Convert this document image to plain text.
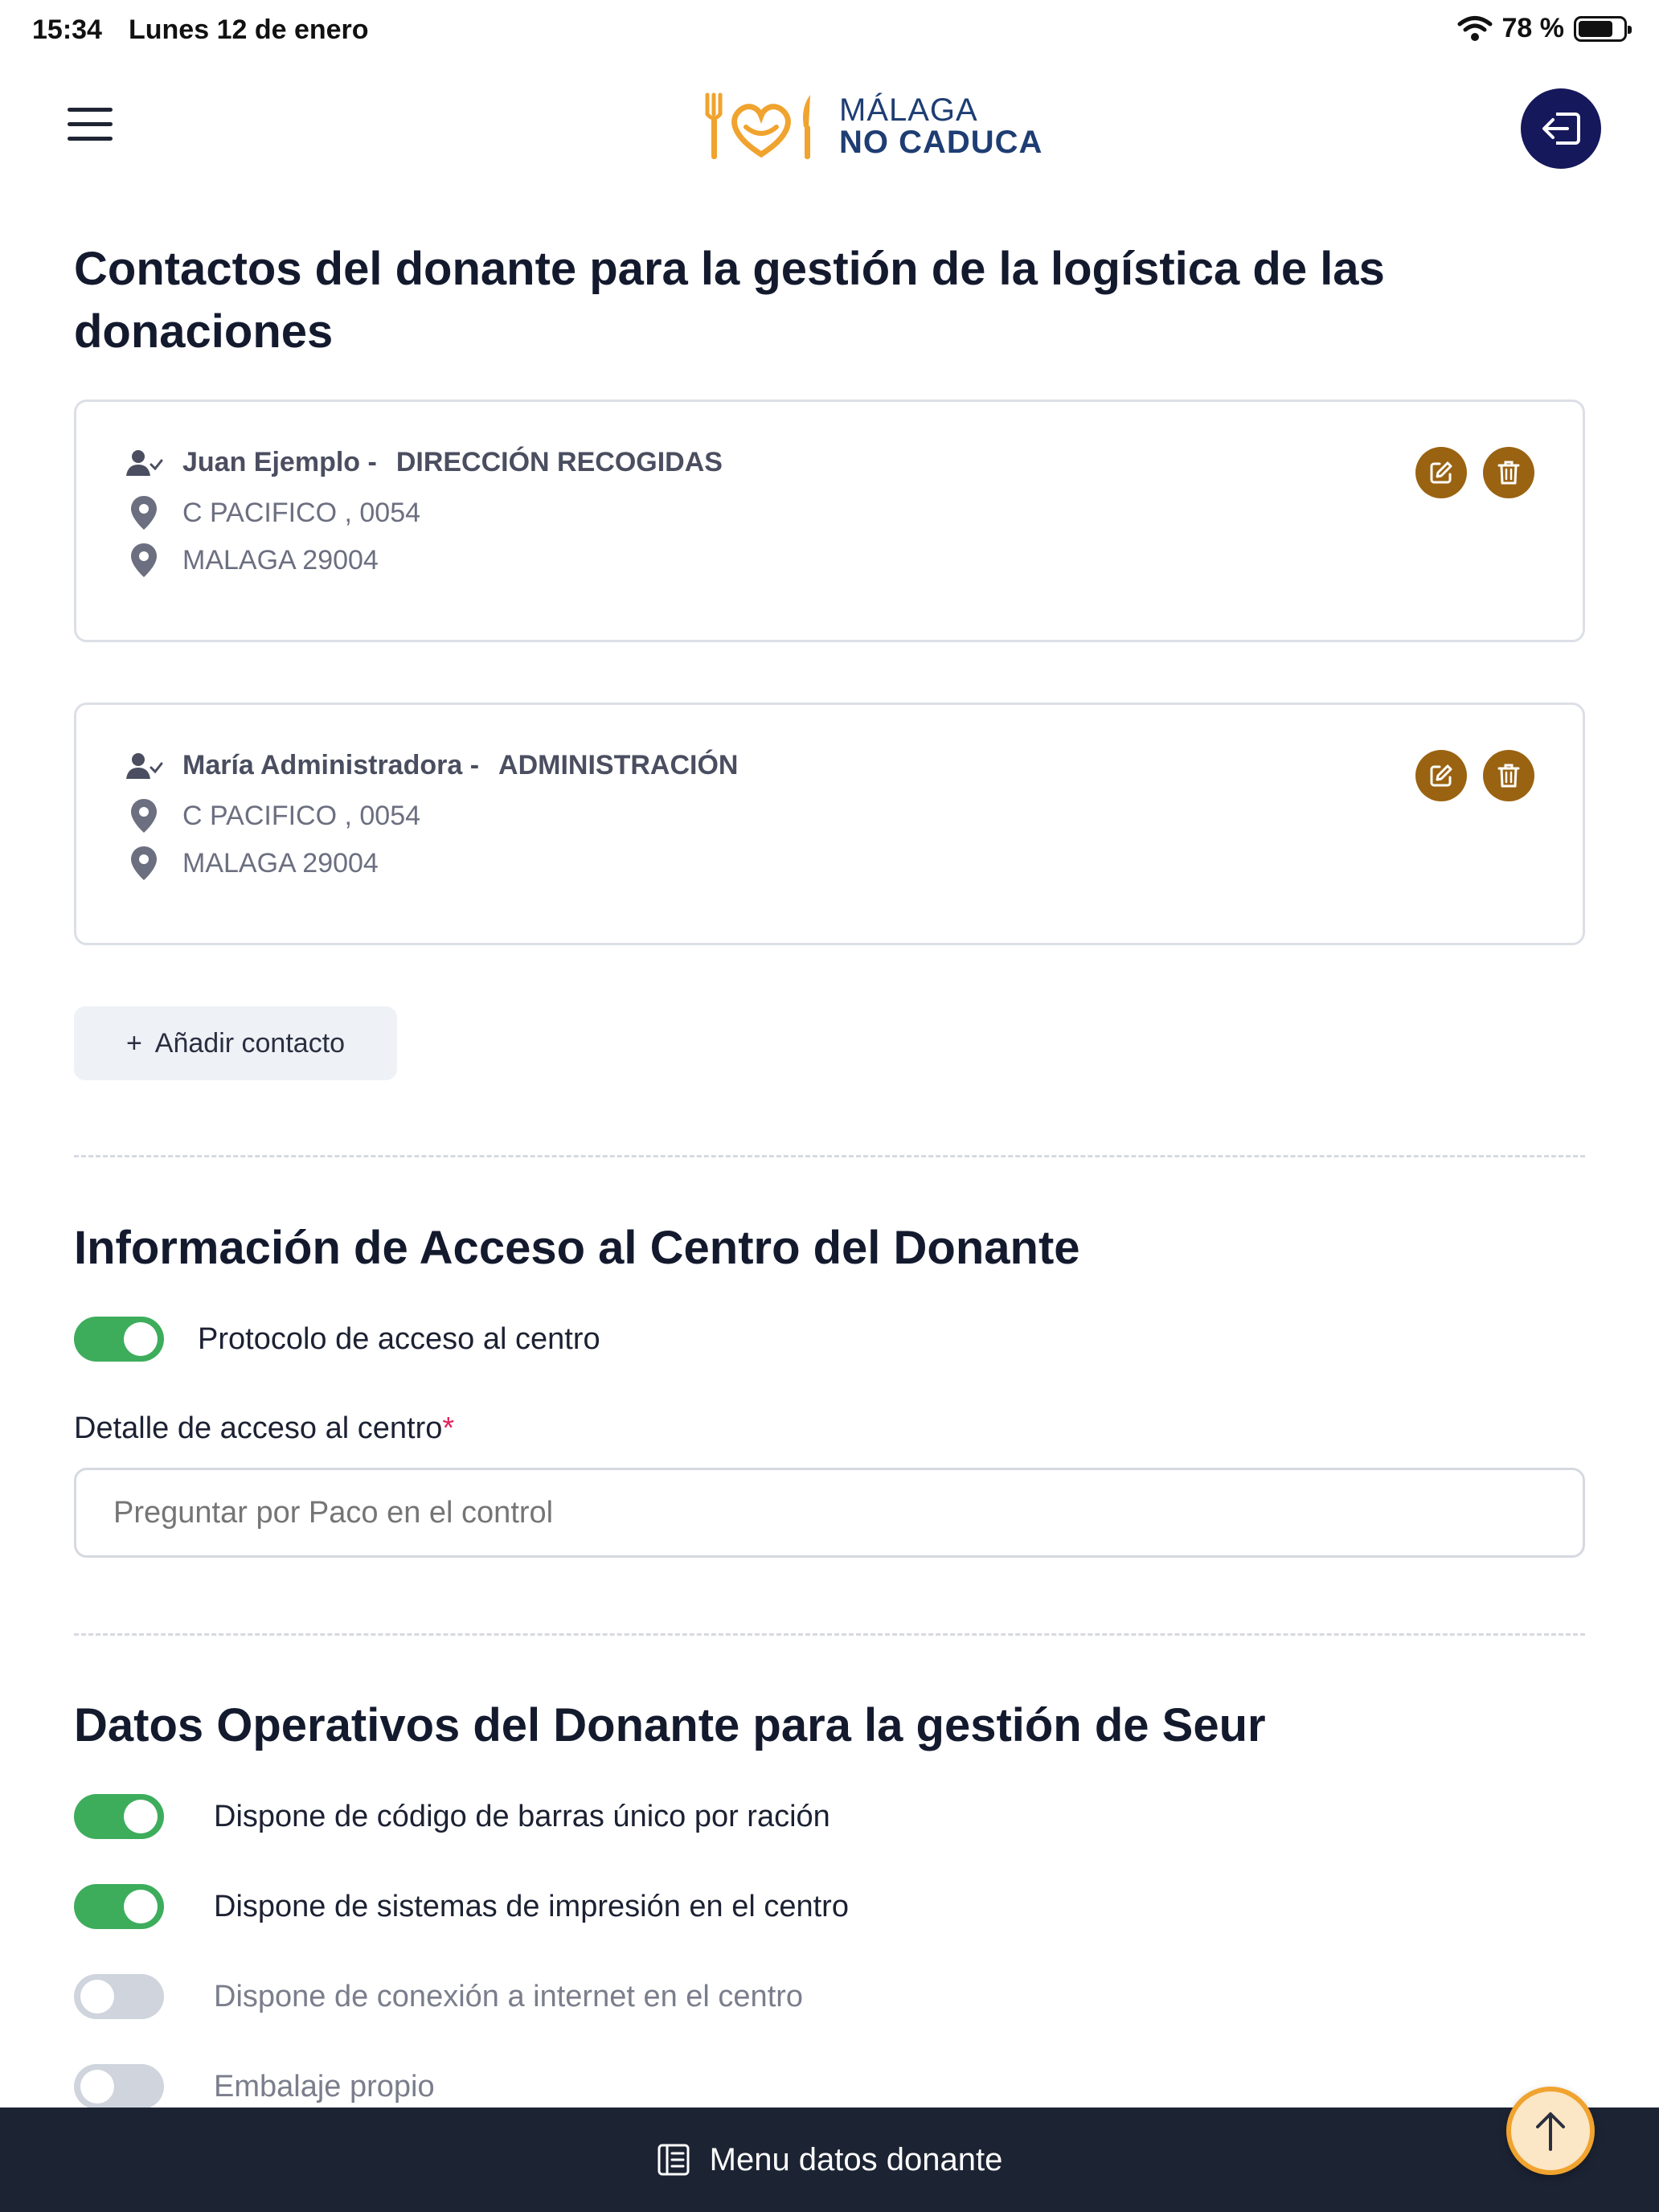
15:34 Lunes 12 de enero	78 %
MÁLAGA
NO CADUCA
Contactos del donante para la gestión de la logística de las donaciones
Juan Ejemplo - DIRECCIÓN RECOGIDAS
C PACIFICO , 0054
MALAGA 29004
María Administradora - ADMINISTRACIÓN
C PACIFICO , 0054
MALAGA 29004
+ Añadir contacto
Información de Acceso al Centro del Donante
Protocolo de acceso al centro
Detalle de acceso al centro*
Preguntar por Paco en el control
Datos Operativos del Donante para la gestión de Seur
Dispone de código de barras único por ración
Dispone de sistemas de impresión en el centro
Dispone de conexión a internet en el centro
Embalaje propio
Menu datos donante
